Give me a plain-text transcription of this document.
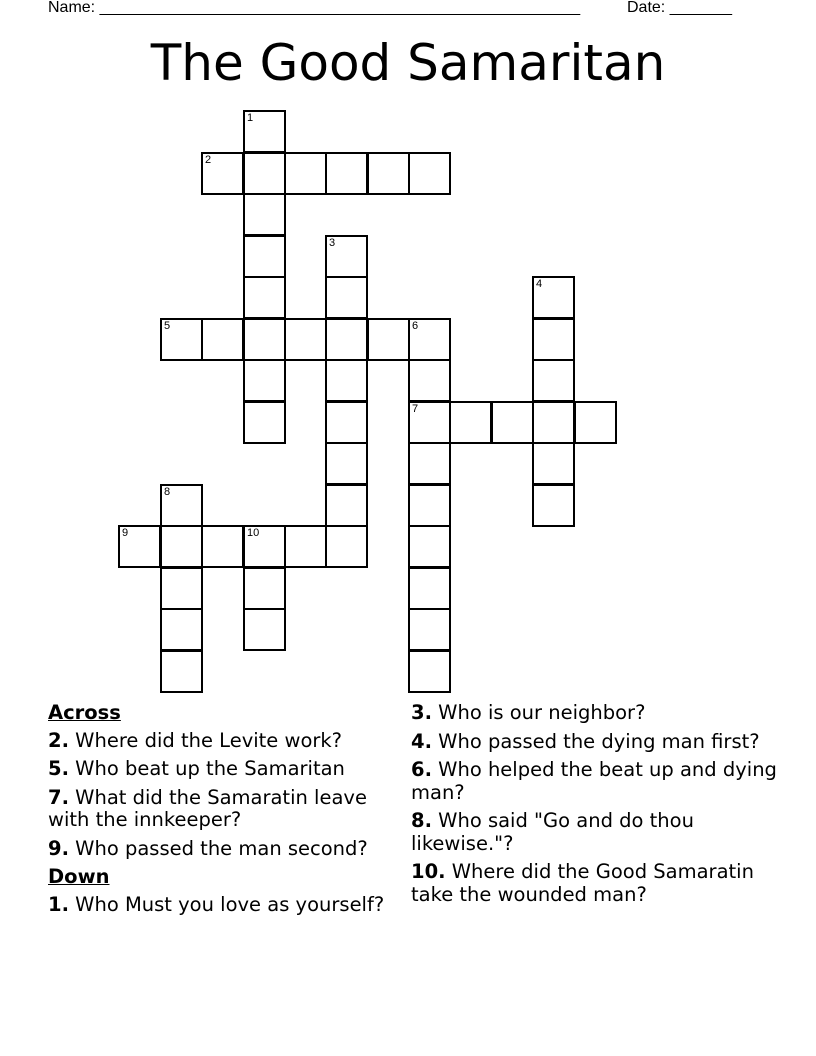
Name: ______________________________________________________	Date: _______
The Good Samaritan
1
2
3
4
5	6
7
8
9	10
Across
2. Where did the Levite work?
5. Who beat up the Samaritan
7. What did the Samaratin leave with the innkeeper?
9. Who passed the man second?
Down
1. Who Must you love as yourself?
3. Who is our neighbor?
4. Who passed the dying man first?
6. Who helped the beat up and dying man?
8. Who said "Go and do thou likewise."?
10. Where did the Good Samaratin take the wounded man?
